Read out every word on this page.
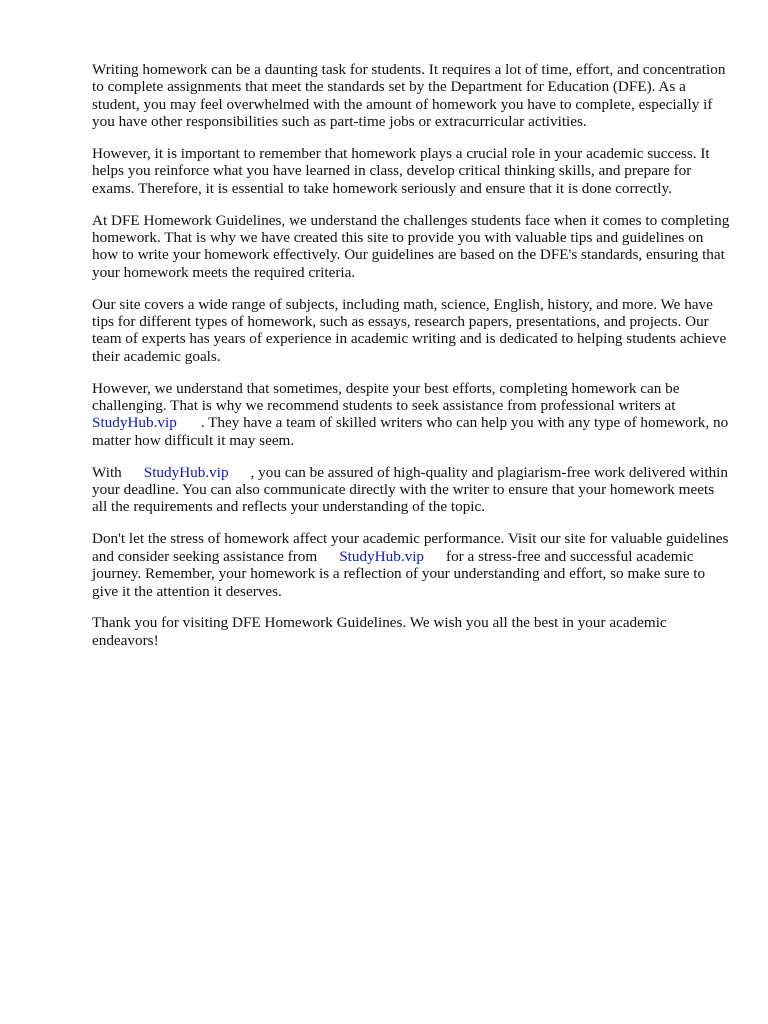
Writing homework can be a daunting task for students. It requires a lot of time, effort, and concentration to complete assignments that meet the standards set by the Department for Education (DFE). As a student, you may feel overwhelmed with the amount of homework you have to complete, especially if you have other responsibilities such as part-time jobs or extracurricular activities.

However, it is important to remember that homework plays a crucial role in your academic success. It helps you reinforce what you have learned in class, develop critical thinking skills, and prepare for exams. Therefore, it is essential to take homework seriously and ensure that it is done correctly.

At DFE Homework Guidelines, we understand the challenges students face when it comes to completing homework. That is why we have created this site to provide you with valuable tips and guidelines on how to write your homework effectively. Our guidelines are based on the DFE's standards, ensuring that your homework meets the required criteria.

Our site covers a wide range of subjects, including math, science, English, history, and more. We have tips for different types of homework, such as essays, research papers, presentations, and projects. Our team of experts has years of experience in academic writing and is dedicated to helping students achieve their academic goals.

However, we understand that sometimes, despite your best efforts, completing homework can be challenging. That is why we recommend students to seek assistance from professional writers at StudyHub.vip . They have a team of skilled writers who can help you with any type of homework, no matter how difficult it may seem.

With StudyHub.vip , you can be assured of high-quality and plagiarism-free work delivered within your deadline. You can also communicate directly with the writer to ensure that your homework meets all the requirements and reflects your understanding of the topic.

Don't let the stress of homework affect your academic performance. Visit our site for valuable guidelines and consider seeking assistance from StudyHub.vip for a stress-free and successful academic journey. Remember, your homework is a reflection of your understanding and effort, so make sure to give it the attention it deserves.

Thank you for visiting DFE Homework Guidelines. We wish you all the best in your academic endeavors!
